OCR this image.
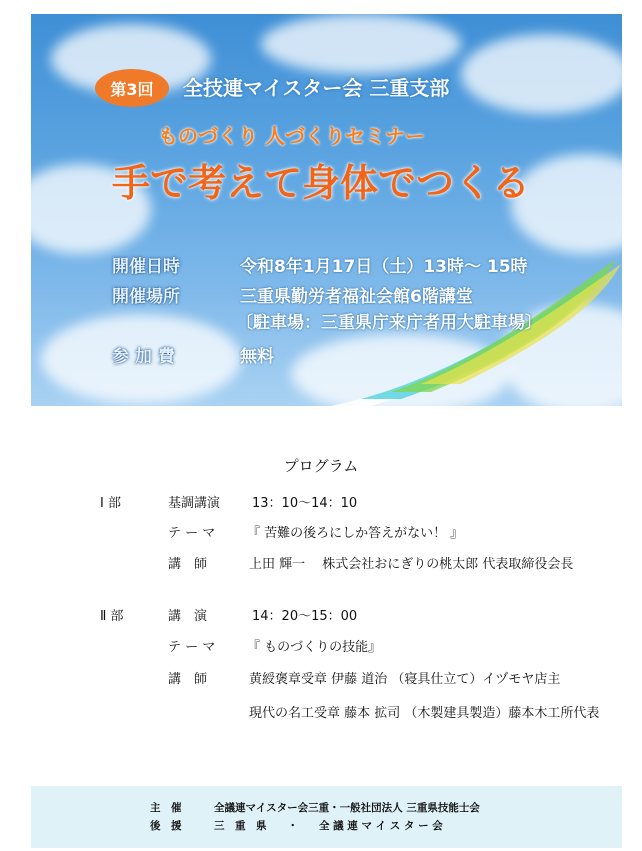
第3回	全技連マイスター会 三重支部
ものづくり 人づくりセミナー
手で考えて身体でつくる
開催日時	令和8年1月17日（土）13時～ 15時
開催場所	三重県勤労者福祉会館6階講堂
〔駐車場：三重県庁来庁者用大駐車場〕
参 加 費	無料
プログラム
Ⅰ 部	基調講演 13：10～14：10
テ ー マ 『 苦難の後ろにしか答えがない！ 』
講　師	上田 輝一　 株式会社おにぎりの桃太郎 代表取締役会長
Ⅱ 部	講　演	14：20～15：00
テ ー マ 『 ものづくりの技能』
講　師	黄綬褒章受章 伊藤 道治 （寝具仕立て）イヅモヤ店主
現代の名工受章 藤本 拡司 （木製建具製造）藤本木工所代表
主　催	全議連マイスター会三重・一般社団法人 三重県技能士会
後　援	三　重　県　　・　　全 議 連 マ イ ス タ ー 会
